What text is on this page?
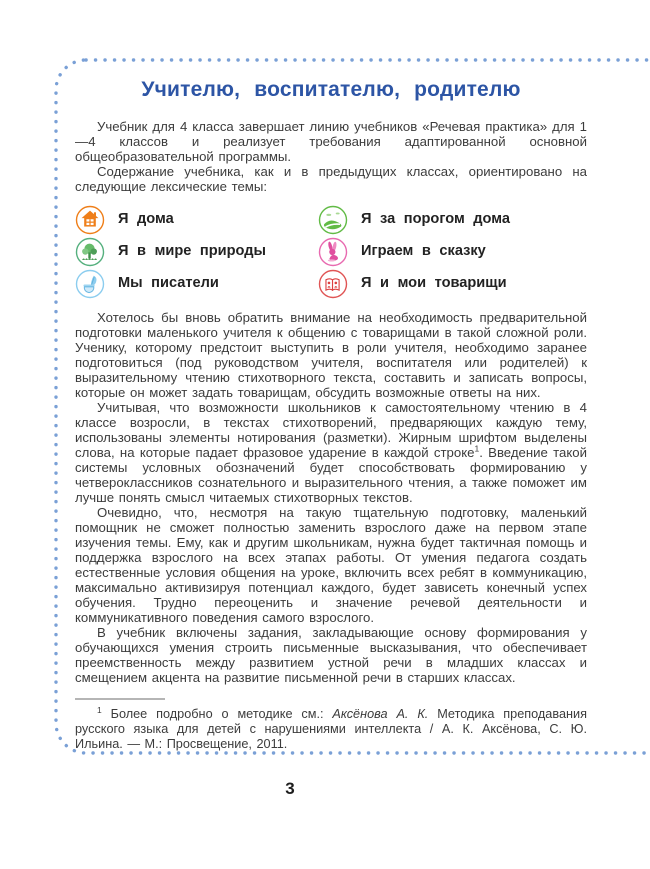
Учителю, воспитателю, родителю

Учебник для 4 класса завершает линию учебников «Речевая практика» для 1—4 классов и реализует требования адаптированной основной общеобразовательной программы.

Содержание учебника, как и в предыдущих классах, ориентировано на следующие лексические темы:

Я дома	Я за порогом дома
Я в мире природы	Играем в сказку
Мы писатели	Я и мои товарищи

Хотелось бы вновь обратить внимание на необходимость предварительной подготовки маленького учителя к общению с товарищами в такой сложной роли. Ученику, которому предстоит выступить в роли учителя, необходимо заранее подготовиться (под руководством учителя, воспитателя или родителей) к выразительному чтению стихотворного текста, составить и записать вопросы, которые он может задать товарищам, обсудить возможные ответы на них.

Учитывая, что возможности школьников к самостоятельному чтению в 4 классе возросли, в текстах стихотворений, предваряющих каждую тему, использованы элементы нотирования (разметки). Жирным шрифтом выделены слова, на которые падает фразовое ударение в каждой строке$^1$. Введение такой системы условных обозначений будет способствовать формированию у четвероклассников сознательного и выразительного чтения, а также поможет им лучше понять смысл читаемых стихотворных текстов.

Очевидно, что, несмотря на такую тщательную подготовку, маленький помощник не сможет полностью заменить взрослого даже на первом этапе изучения темы. Ему, как и другим школьникам, нужна будет тактичная помощь и поддержка взрослого на всех этапах работы. От умения педагога создать естественные условия общения на уроке, включить всех ребят в коммуникацию, максимально активизируя потенциал каждого, будет зависеть конечный успех обучения. Трудно переоценить и значение речевой деятельности и коммуникативного поведения самого взрослого.

В учебник включены задания, закладывающие основу формирования у обучающихся умения строить письменные высказывания, что обеспечивает преемственность между развитием устной речи в младших классах и смещением акцента на развитие письменной речи в старших классах.

$^1$ Более подробно о методике см.: Аксёнова А. К. Методика преподавания русского языка для детей с нарушениями интеллекта / А. К. Аксёнова, С. Ю. Ильина. — М.: Просвещение, 2011.

3
